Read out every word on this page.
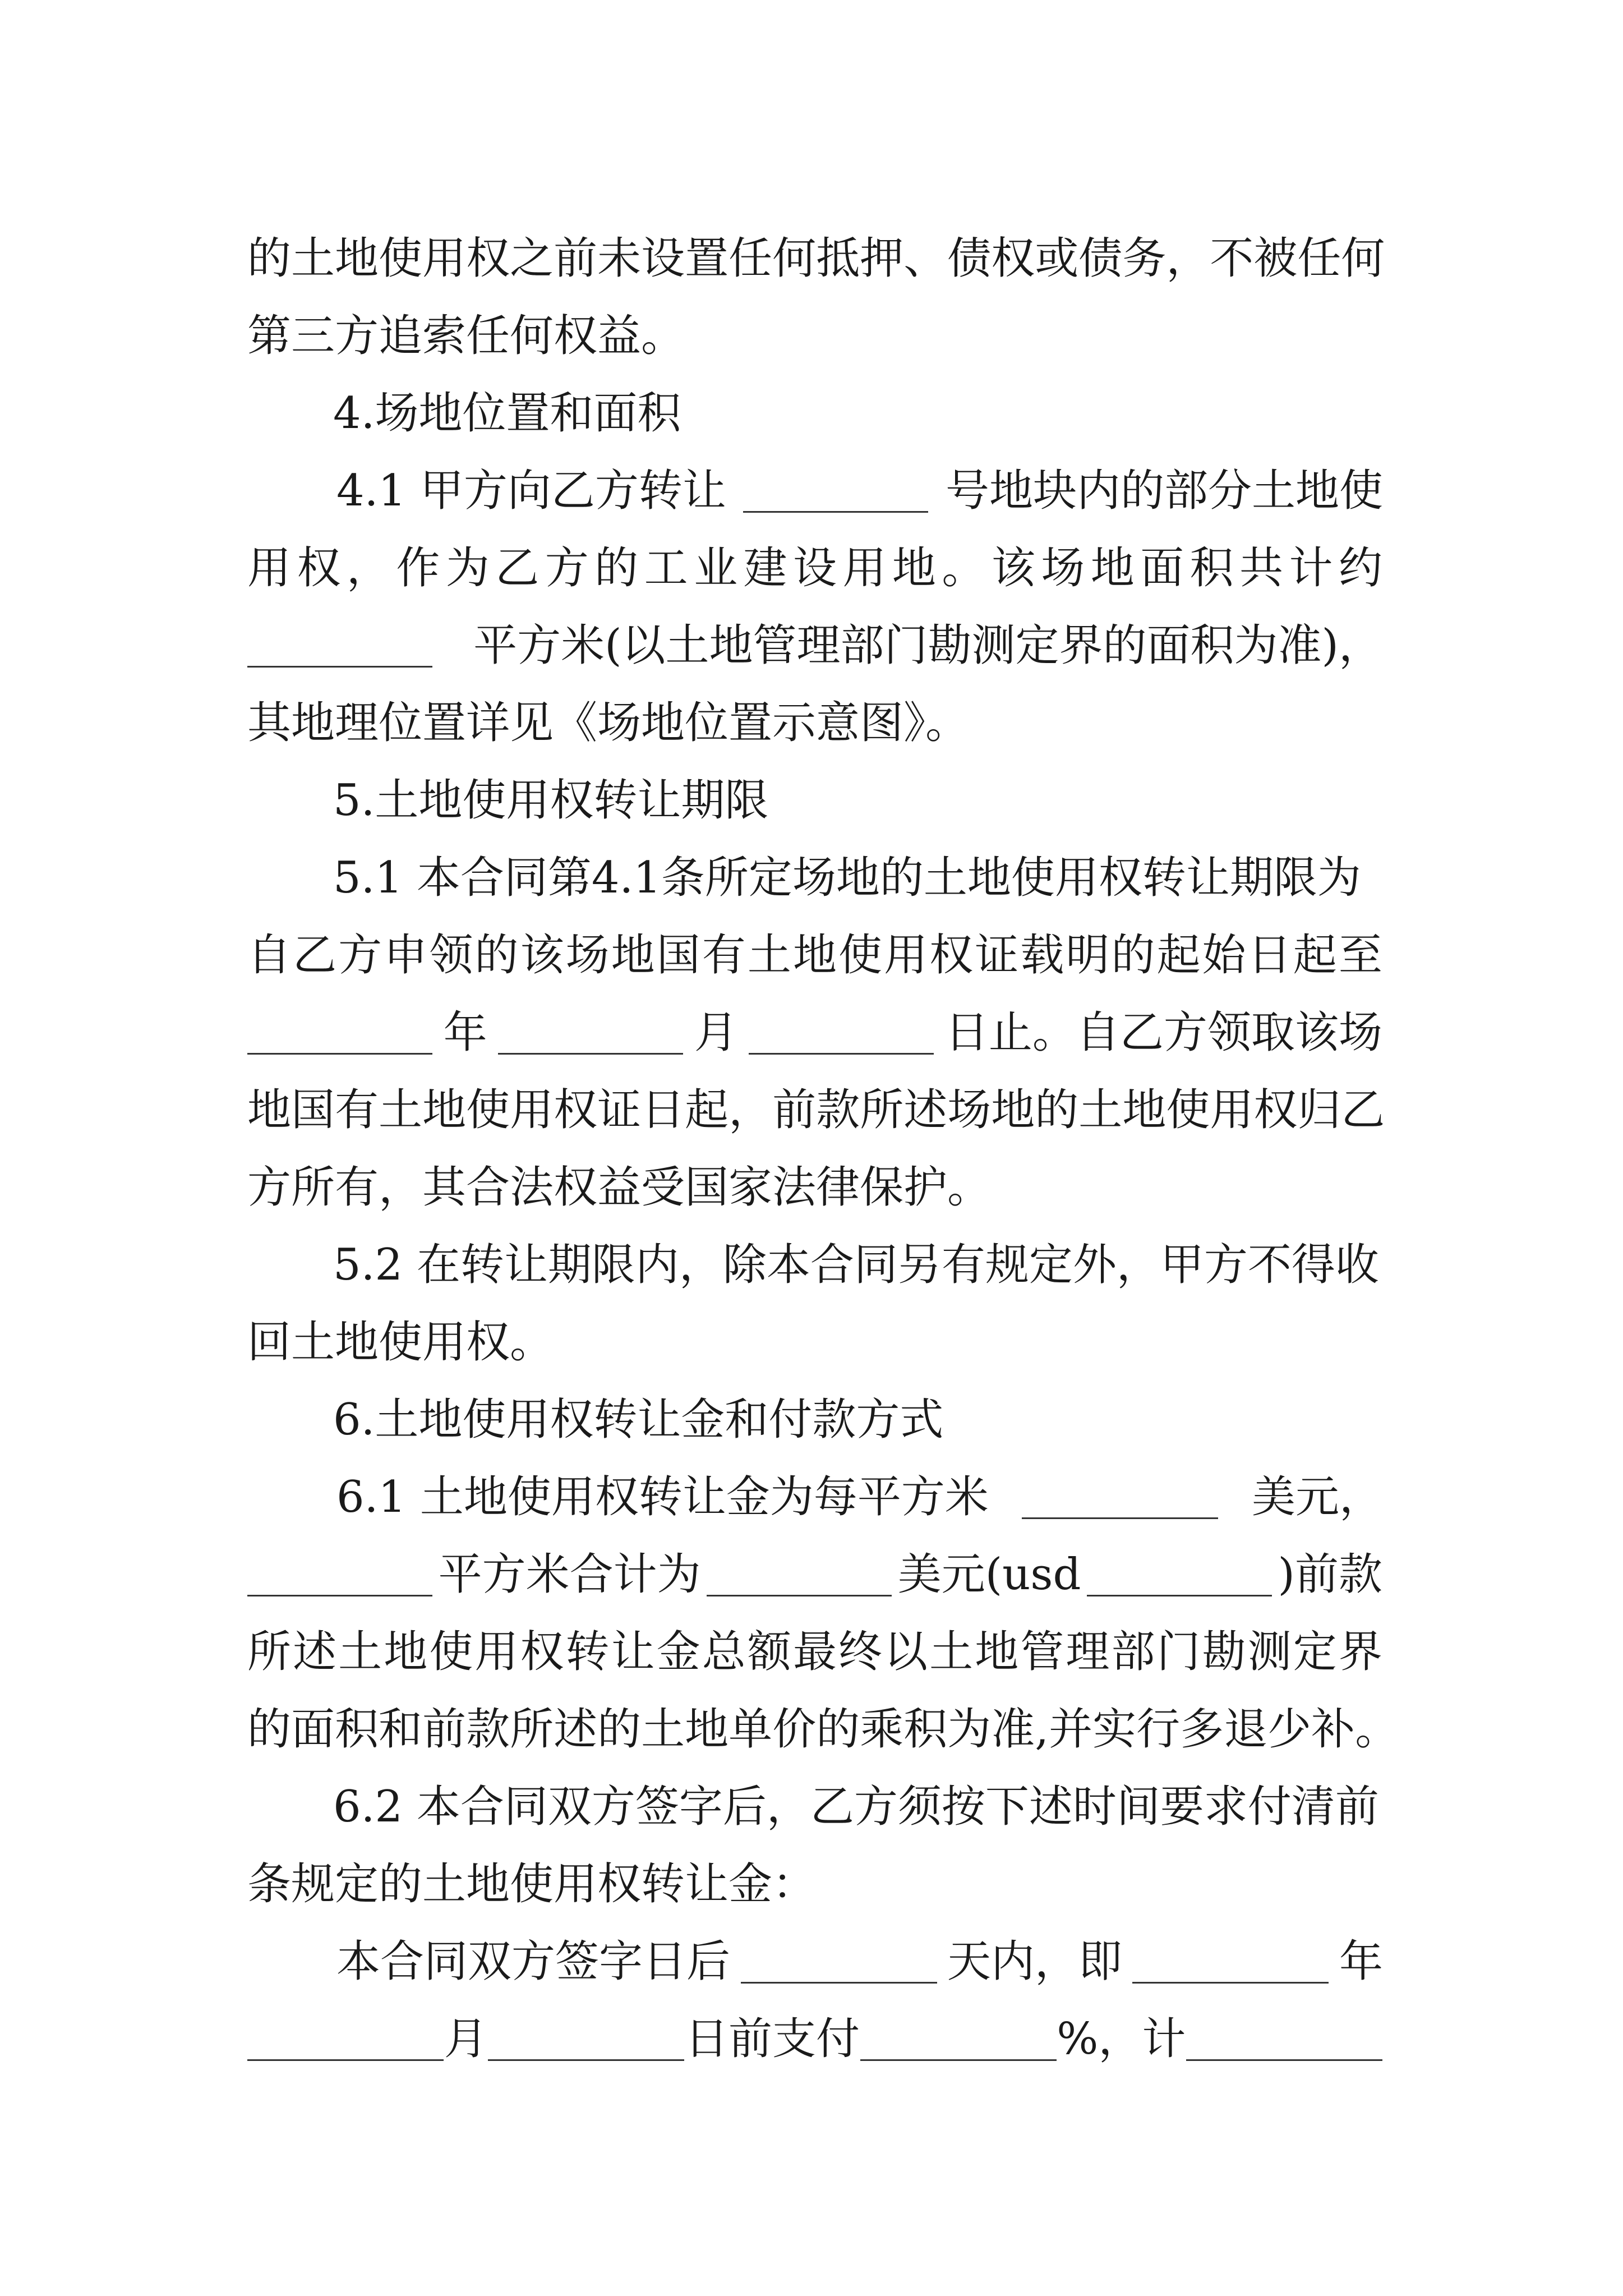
的 土 地 使 用 权 之 前 未 设 置 任 何 抵 押 、 债 权 或 债 务 ， 不 被 任 何
第三方追索任何权益。
4.场地位置和面积
4.1 甲方向乙方转让	号地块内的部分土地使
用 权 ， 作 为 乙 方 的 工 业 建 设 用 地 。 该 场 地 面 积 共 计 约
平方米(以土地管理部门勘测定界的面积为准)，
其地理位置详见《场地位置示意图》。
5.土地使用权转让期限
5.1 本合同第4.1条所定场地的土地使用权转让期限为
自 乙 方 申 领 的 该 场 地 国 有 土 地 使 用 权 证 载 明 的 起 始 日 起 至
年	月	日止。自乙方领取该场
地 国 有 土 地 使 用 权 证 日 起 ， 前 款 所 述 场 地 的 土 地 使 用 权 归 乙
方所有，其合法权益受国家法律保护。
5.2 在转让期限内，除本合同另有规定外，甲方不得收
回土地使用权。
6.土地使用权转让金和付款方式
6.1 土地使用权转让金为每平方米	美元，
平方米合计为	美元(usd	)前款
所 述 土 地 使 用 权 转 让 金 总 额 最 终 以 土 地 管 理 部 门 勘 测 定 界
的 面 积 和 前 款 所 述 的 土 地 单 价 的 乘 积 为 准 , 并 实 行 多 退 少 补 。
6.2 本合同双方签字后，乙方须按下述时间要求付清前
条规定的土地使用权转让金：
本合同双方签字日后	天内，即	年
月	日前支付	%，计
